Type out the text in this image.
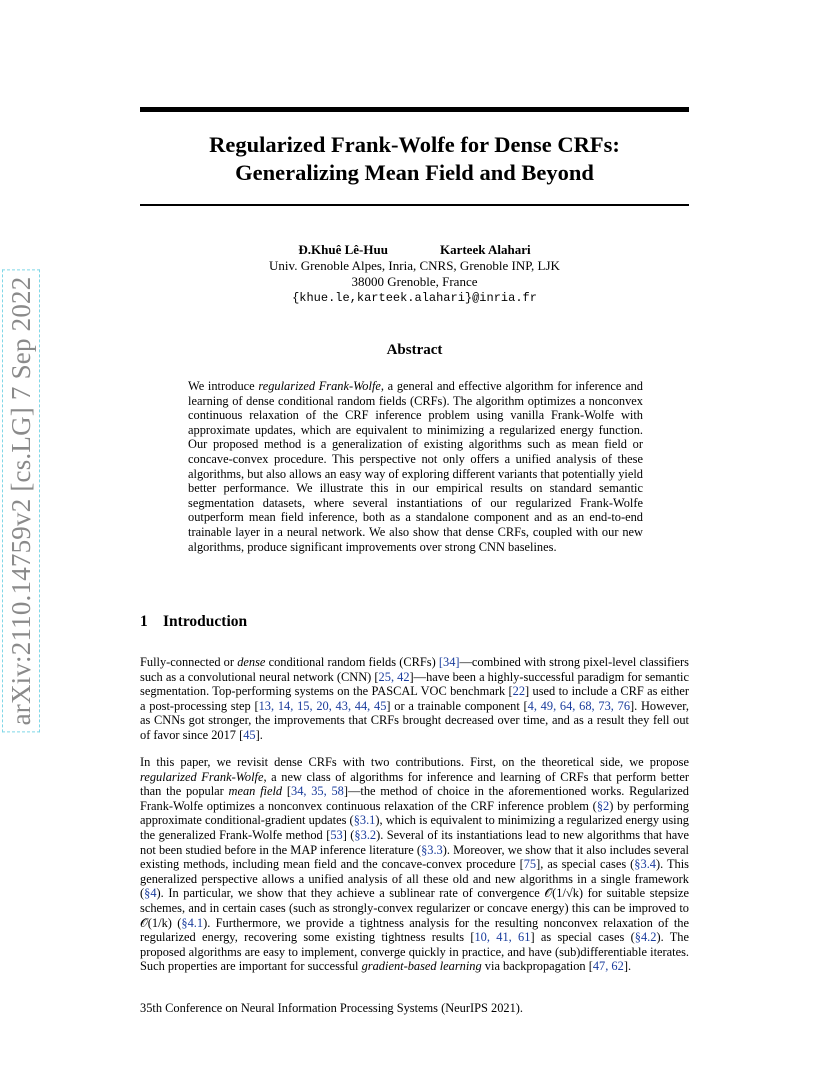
arXiv:2110.14759v2 [cs.LG] 7 Sep 2022
Regularized Frank-Wolfe for Dense CRFs:
Generalizing Mean Field and Beyond
Đ.Khuê Lê-Huu	Karteek Alahari
Univ. Grenoble Alpes, Inria, CNRS, Grenoble INP, LJK
38000 Grenoble, France
{khue.le,karteek.alahari}@inria.fr
Abstract
We introduce regularized Frank-Wolfe, a general and effective algorithm for inference and learning of dense conditional random fields (CRFs). The algorithm optimizes a nonconvex continuous relaxation of the CRF inference problem using vanilla Frank-Wolfe with approximate updates, which are equivalent to minimizing a regularized energy function. Our proposed method is a generalization of existing algorithms such as mean field or concave-convex procedure. This perspective not only offers a unified analysis of these algorithms, but also allows an easy way of exploring different variants that potentially yield better performance. We illustrate this in our empirical results on standard semantic segmentation datasets, where several instantiations of our regularized Frank-Wolfe outperform mean field inference, both as a standalone component and as an end-to-end trainable layer in a neural network. We also show that dense CRFs, coupled with our new algorithms, produce significant improvements over strong CNN baselines.
1 Introduction
Fully-connected or dense conditional random fields (CRFs) [34]—combined with strong pixel-level classifiers such as a convolutional neural network (CNN) [25, 42]—have been a highly-successful paradigm for semantic segmentation. Top-performing systems on the PASCAL VOC benchmark [22] used to include a CRF as either a post-processing step [13, 14, 15, 20, 43, 44, 45] or a trainable component [4, 49, 64, 68, 73, 76]. However, as CNNs got stronger, the improvements that CRFs brought decreased over time, and as a result they fell out of favor since 2017 [45].
In this paper, we revisit dense CRFs with two contributions. First, on the theoretical side, we propose regularized Frank-Wolfe, a new class of algorithms for inference and learning of CRFs that perform better than the popular mean field [34, 35, 58]—the method of choice in the aforementioned works. Regularized Frank-Wolfe optimizes a nonconvex continuous relaxation of the CRF inference problem (§2) by performing approximate conditional-gradient updates (§3.1), which is equivalent to minimizing a regularized energy using the generalized Frank-Wolfe method [53] (§3.2). Several of its instantiations lead to new algorithms that have not been studied before in the MAP inference literature (§3.3). Moreover, we show that it also includes several existing methods, including mean field and the concave-convex procedure [75], as special cases (§3.4). This generalized perspective allows a unified analysis of all these old and new algorithms in a single framework (§4). In particular, we show that they achieve a sublinear rate of convergence 𝒪(1/√k) for suitable stepsize schemes, and in certain cases (such as strongly-convex regularizer or concave energy) this can be improved to 𝒪(1/k) (§4.1). Furthermore, we provide a tightness analysis for the resulting nonconvex relaxation of the regularized energy, recovering some existing tightness results [10, 41, 61] as special cases (§4.2). The proposed algorithms are easy to implement, converge quickly in practice, and have (sub)differentiable iterates. Such properties are important for successful gradient-based learning via backpropagation [47, 62].
35th Conference on Neural Information Processing Systems (NeurIPS 2021).
